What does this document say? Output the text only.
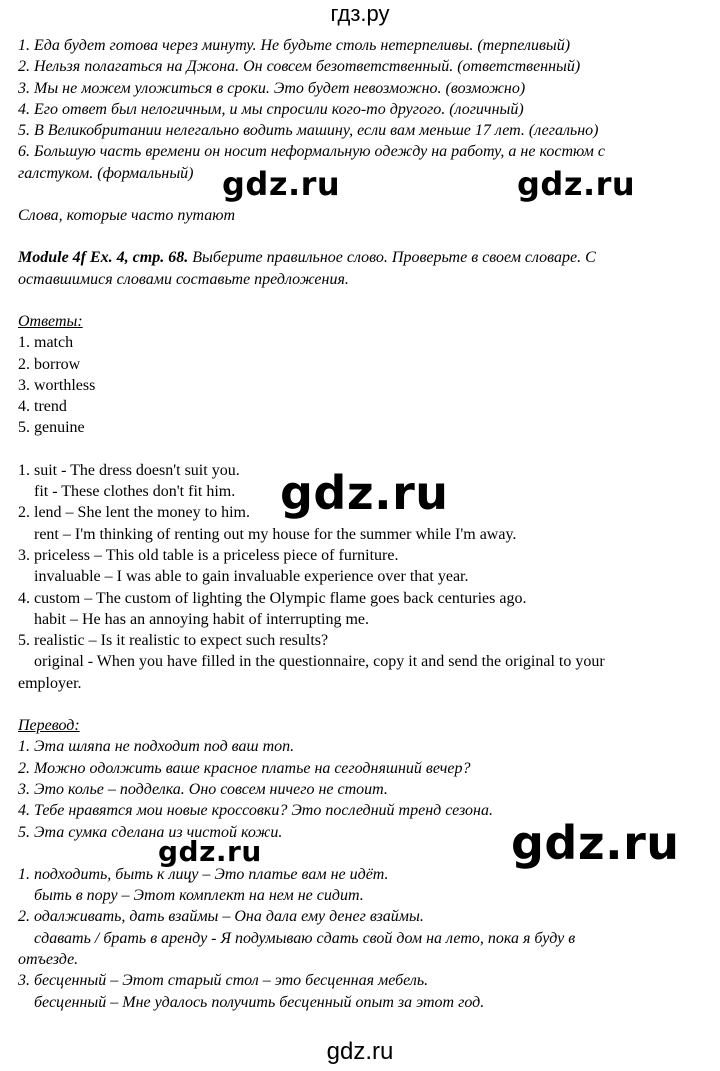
гдз.ру

1. Еда будет готова через минуту. Не будьте столь нетерпеливы. (терпеливый)

2. Нельзя полагаться на Джона. Он совсем безответственный. (ответственный)

3. Мы не можем уложиться в сроки. Это будет невозможно. (возможно)

4. Его ответ был нелогичным, и мы спросили кого-то другого. (логичный)

5. В Великобритании нелегально водить машину, если вам меньше 17 лет. (легально)

6. Большую часть времени он носит неформальную одежду на работу, а не костюм с

галстуком. (формальный)

Слова, которые часто путают

Module 4f Ex. 4, стр. 68. Выберите правильное слово. Проверьте в своем словаре. С

оставшимися словами составьте предложения.

Ответы:

1. match

2. borrow

3. worthless

4. trend

5. genuine

1. suit - The dress doesn't suit you.

fit - These clothes don't fit him.

2. lend – She lent the money to him.

rent – I'm thinking of renting out my house for the summer while I'm away.

3. priceless – This old table is a priceless piece of furniture.

invaluable – I was able to gain invaluable experience over that year.

4. custom – The custom of lighting the Olympic flame goes back centuries ago.

habit – He has an annoying habit of interrupting me.

5. realistic – Is it realistic to expect such results?

original - When you have filled in the questionnaire, copy it and send the original to your

employer.

Перевод:

1. Эта шляпа не подходит под ваш топ.

2. Можно одолжить ваше красное платье на сегодняшний вечер?

3. Это колье – подделка. Оно совсем ничего не стоит.

4. Тебе нравятся мои новые кроссовки? Это последний тренд сезона.

5. Эта сумка сделана из чистой кожи.

1. подходить, быть к лицу – Это платье вам не идёт.

быть в пору – Этот комплект на нем не сидит.

2. одалживать, дать взаймы – Она дала ему денег взаймы.

сдавать / брать в аренду - Я подумываю сдать свой дом на лето, пока я буду в

отъезде.

3. бесценный – Этот старый стол – это бесценная мебель.

бесценный – Мне удалось получить бесценный опыт за этот год.

gdz.ru	gdz.ru
gdz.ru
gdz.ru
gdz.ru
gdz.ru
